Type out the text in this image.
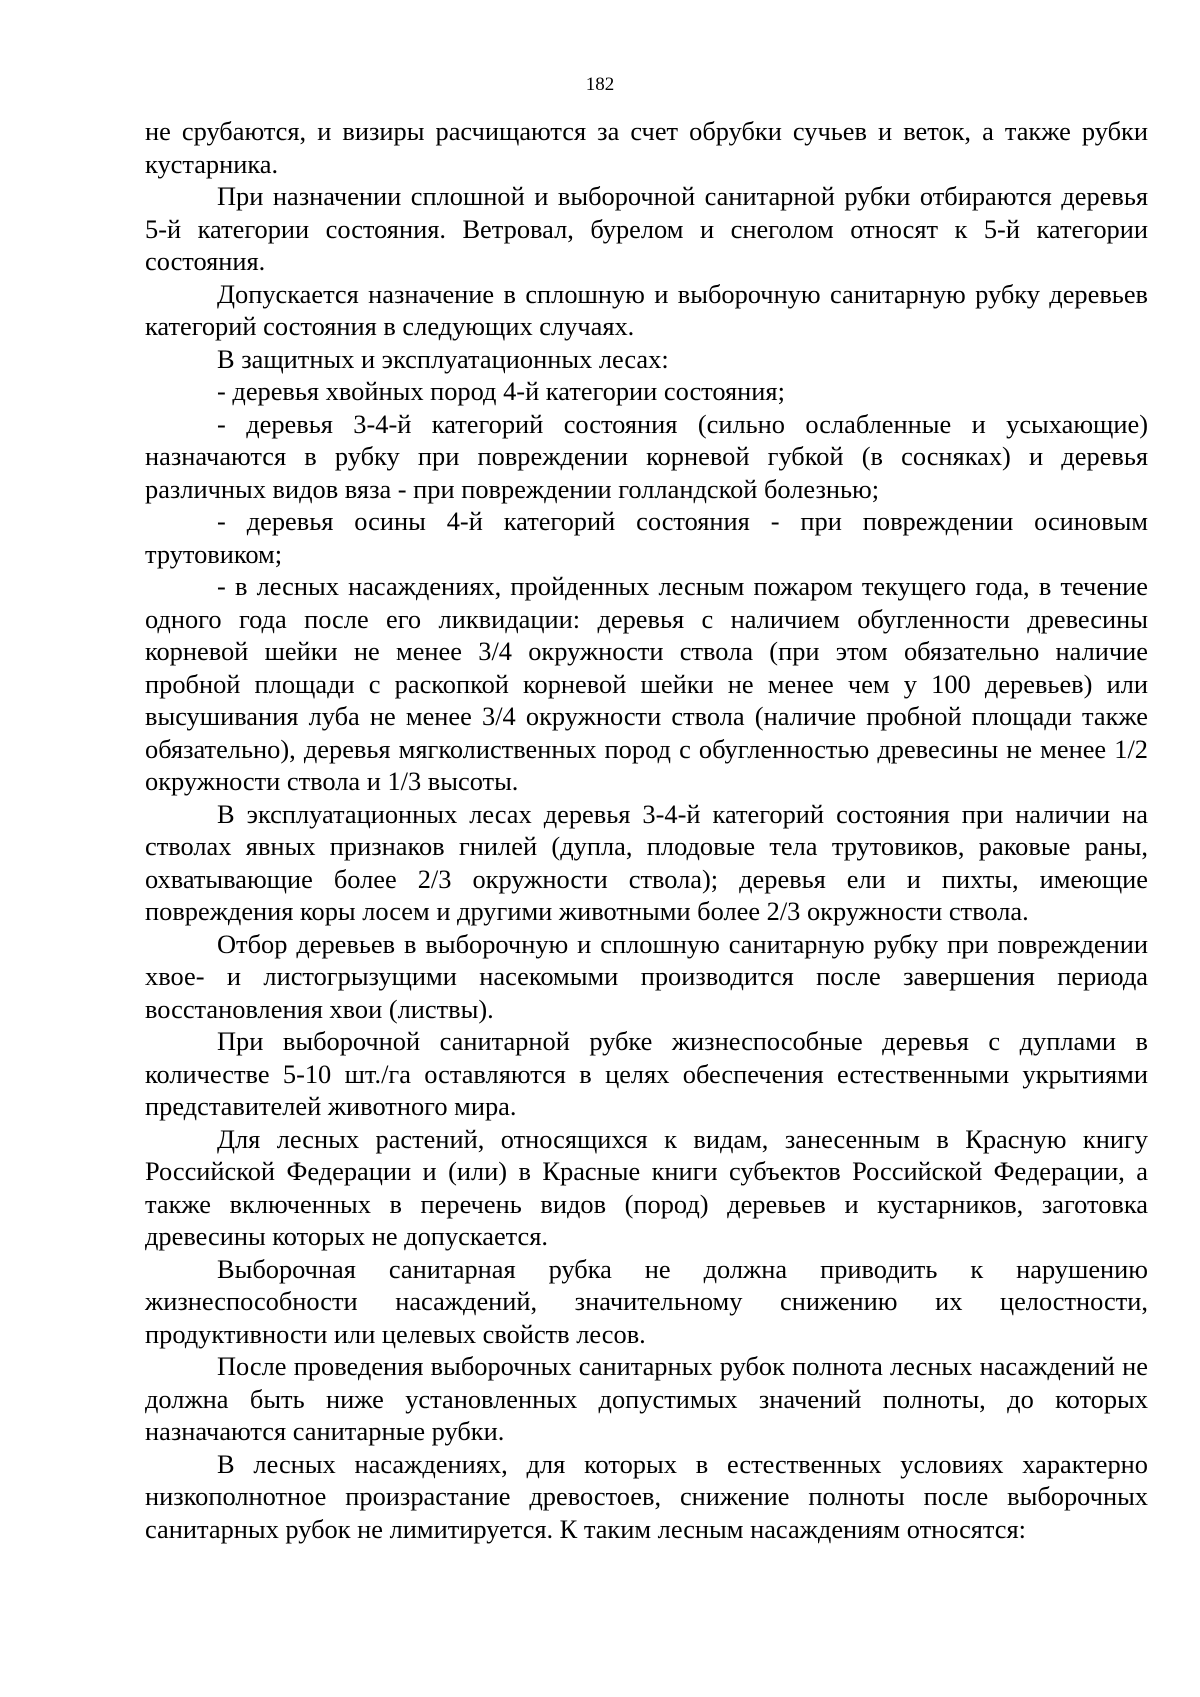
182

не срубаются, и визиры расчищаются за счет обрубки сучьев и веток, а также рубки кустарника.

При назначении сплошной и выборочной санитарной рубки отбираются деревья 5-й категории состояния. Ветровал, бурелом и снеголом относят к 5-й категории состояния.

Допускается назначение в сплошную и выборочную санитарную рубку деревьев категорий состояния в следующих случаях.

В защитных и эксплуатационных лесах:

- деревья хвойных пород 4-й категории состояния;

- деревья 3-4-й категорий состояния (сильно ослабленные и усыхающие) назначаются в рубку при повреждении корневой губкой (в сосняках) и деревья различных видов вяза - при повреждении голландской болезнью;

- деревья осины 4-й категорий состояния - при повреждении осиновым трутовиком;

- в лесных насаждениях, пройденных лесным пожаром текущего года, в течение одного года после его ликвидации: деревья с наличием обугленности древесины корневой шейки не менее 3/4 окружности ствола (при этом обязательно наличие пробной площади с раскопкой корневой шейки не менее чем у 100 деревьев) или высушивания луба не менее 3/4 окружности ствола (наличие пробной площади также обязательно), деревья мягколиственных пород с обугленностью древесины не менее 1/2 окружности ствола и 1/3 высоты.

В эксплуатационных лесах деревья 3-4-й категорий состояния при наличии на стволах явных признаков гнилей (дупла, плодовые тела трутовиков, раковые раны, охватывающие более 2/3 окружности ствола); деревья ели и пихты, имеющие повреждения коры лосем и другими животными более 2/3 окружности ствола.

Отбор деревьев в выборочную и сплошную санитарную рубку при повреждении хвое- и листогрызущими насекомыми производится после завершения периода восстановления хвои (листвы).

При выборочной санитарной рубке жизнеспособные деревья с дуплами в количестве 5-10 шт./га оставляются в целях обеспечения естественными укрытиями представителей животного мира.

Для лесных растений, относящихся к видам, занесенным в Красную книгу Российской Федерации и (или) в Красные книги субъектов Российской Федерации, а также включенных в перечень видов (пород) деревьев и кустарников, заготовка древесины которых не допускается.

Выборочная санитарная рубка не должна приводить к нарушению жизнеспособности насаждений, значительному снижению их целостности, продуктивности или целевых свойств лесов.

После проведения выборочных санитарных рубок полнота лесных насаждений не должна быть ниже установленных допустимых значений полноты, до которых назначаются санитарные рубки.

В лесных насаждениях, для которых в естественных условиях характерно низкополнотное произрастание древостоев, снижение полноты после выборочных санитарных рубок не лимитируется. К таким лесным насаждениям относятся:
